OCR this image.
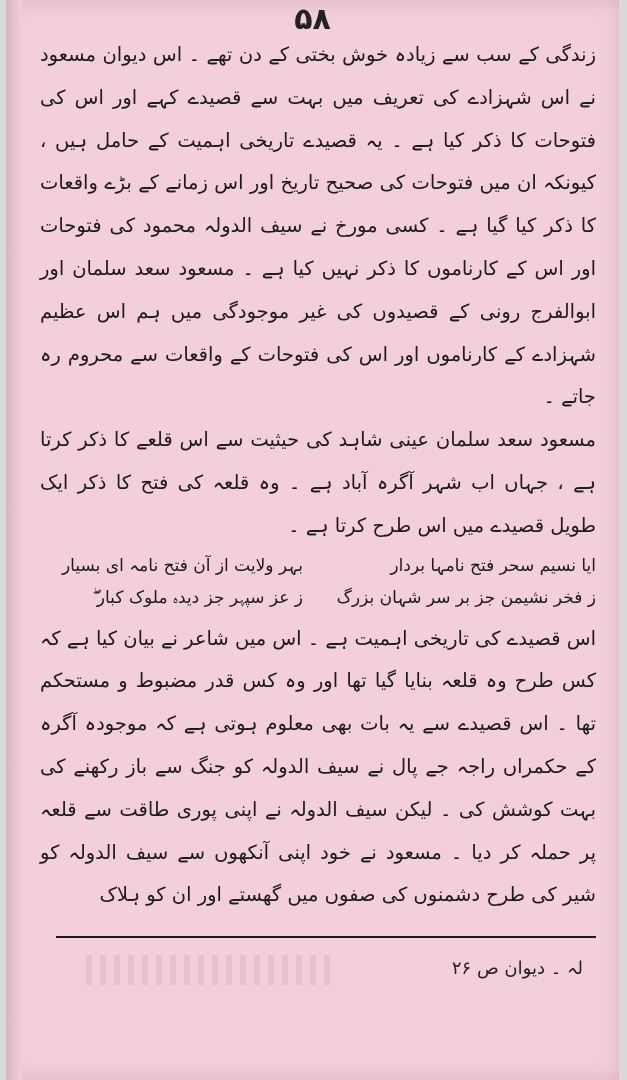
۵۸

زندگی کے سب سے زیادہ خوش بختی کے دن تھے ۔ اس دیوان مسعود نے اس شہزادے کی تعریف میں بہت سے قصیدے کہے اور اس کی فتوحات کا ذکر کیا ہے ۔ یہ قصیدے تاریخی اہمیت کے حامل ہیں ، کیونکہ ان میں فتوحات کی صحیح تاریخ اور اس زمانے کے بڑے واقعات کا ذکر کیا گیا ہے ۔ کسی مورخ نے سیف الدولہ محمود کی فتوحات اور اس کے کارناموں کا ذکر نہیں کیا ہے ۔ مسعود سعد سلمان اور ابوالفرج رونی کے قصیدوں کی غیر موجودگی میں ہم اس عظیم شہزادے کے کارناموں اور اس کی فتوحات کے واقعات سے محروم رہ جاتے ۔

مسعود سعد سلمان عینی شاہد کی حیثیت سے اس قلعے کا ذکر کرتا ہے ، جہاں اب شہر آگرہ آباد ہے ۔ وہ قلعہ کی فتح کا ذکر ایک طویل قصیدے میں اس طرح کرتا ہے ۔

ایا نسیم سحر فتح نامہا بردار
بہر ولایت از آن فتح نامہ ای بسیار
ز فخر نشیمن جز بر سر شہان بزرگ
ز عز سپہر جز دیدہ ملوک کبار ۖ

اس قصیدے کی تاریخی اہمیت ہے ۔ اس میں شاعر نے بیان کیا ہے کہ کس طرح وہ قلعہ بنایا گیا تھا اور وہ کس قدر مضبوط و مستحکم تھا ۔ اس قصیدے سے یہ بات بھی معلوم ہوتی ہے کہ موجودہ آگرہ کے حکمراں راجہ جے پال نے سیف الدولہ کو جنگ سے باز رکھنے کی بہت کوشش کی ۔ لیکن سیف الدولہ نے اپنی پوری طاقت سے قلعہ پر حملہ کر دیا ۔ مسعود نے خود اپنی آنکھوں سے سیف الدولہ کو شیر کی طرح دشمنوں کی صفوں میں گھستے اور ان کو ہلاک

لہ ۔ دیوان ص ۲۶
